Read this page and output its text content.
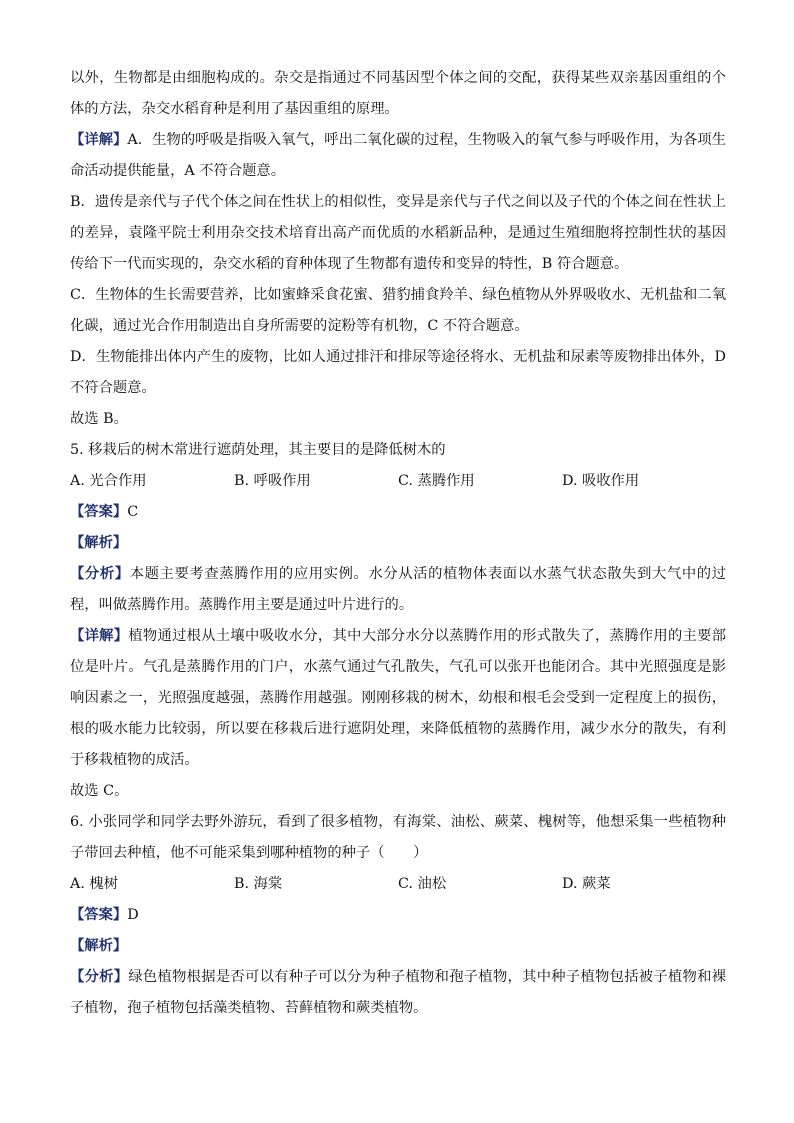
以外，生物都是由细胞构成的。杂交是指通过不同基因型个体之间的交配，获得某些双亲基因重组的个体的方法，杂交水稻育种是利用了基因重组的原理。

【详解】A．生物的呼吸是指吸入氧气，呼出二氧化碳的过程，生物吸入的氧气参与呼吸作用，为各项生命活动提供能量，A 不符合题意。

B．遗传是亲代与子代个体之间在性状上的相似性，变异是亲代与子代之间以及子代的个体之间在性状上的差异，袁隆平院士利用杂交技术培育出高产而优质的水稻新品种，是通过生殖细胞将控制性状的基因传给下一代而实现的，杂交水稻的育种体现了生物都有遗传和变异的特性，B 符合题意。

C．生物体的生长需要营养，比如蜜蜂采食花蜜、猎豹捕食羚羊、绿色植物从外界吸收水、无机盐和二氧化碳，通过光合作用制造出自身所需要的淀粉等有机物，C 不符合题意。

D．生物能排出体内产生的废物，比如人通过排汗和排尿等途径将水、无机盐和尿素等废物排出体外，D 不符合题意。

故选 B。

5. 移栽后的树木常进行遮荫处理，其主要目的是降低树木的

A. 光合作用	B. 呼吸作用	C. 蒸腾作用	D. 吸收作用

【答案】C

【解析】

【分析】本题主要考查蒸腾作用的应用实例。水分从活的植物体表面以水蒸气状态散失到大气中的过程，叫做蒸腾作用。蒸腾作用主要是通过叶片进行的。

【详解】植物通过根从土壤中吸收水分，其中大部分水分以蒸腾作用的形式散失了，蒸腾作用的主要部位是叶片。气孔是蒸腾作用的门户，水蒸气通过气孔散失，气孔可以张开也能闭合。其中光照强度是影响因素之一，光照强度越强，蒸腾作用越强。刚刚移栽的树木，幼根和根毛会受到一定程度上的损伤，根的吸水能力比较弱，所以要在移栽后进行遮阴处理，来降低植物的蒸腾作用，减少水分的散失，有利于移栽植物的成活。

故选 C。

6. 小张同学和同学去野外游玩，看到了很多植物，有海棠、油松、蕨菜、槐树等，他想采集一些植物种子带回去种植，他不可能采集到哪种植物的种子（　　）

A. 槐树	B. 海棠	C. 油松	D. 蕨菜

【答案】D

【解析】

【分析】绿色植物根据是否可以有种子可以分为种子植物和孢子植物，其中种子植物包括被子植物和裸子植物，孢子植物包括藻类植物、苔藓植物和蕨类植物。
